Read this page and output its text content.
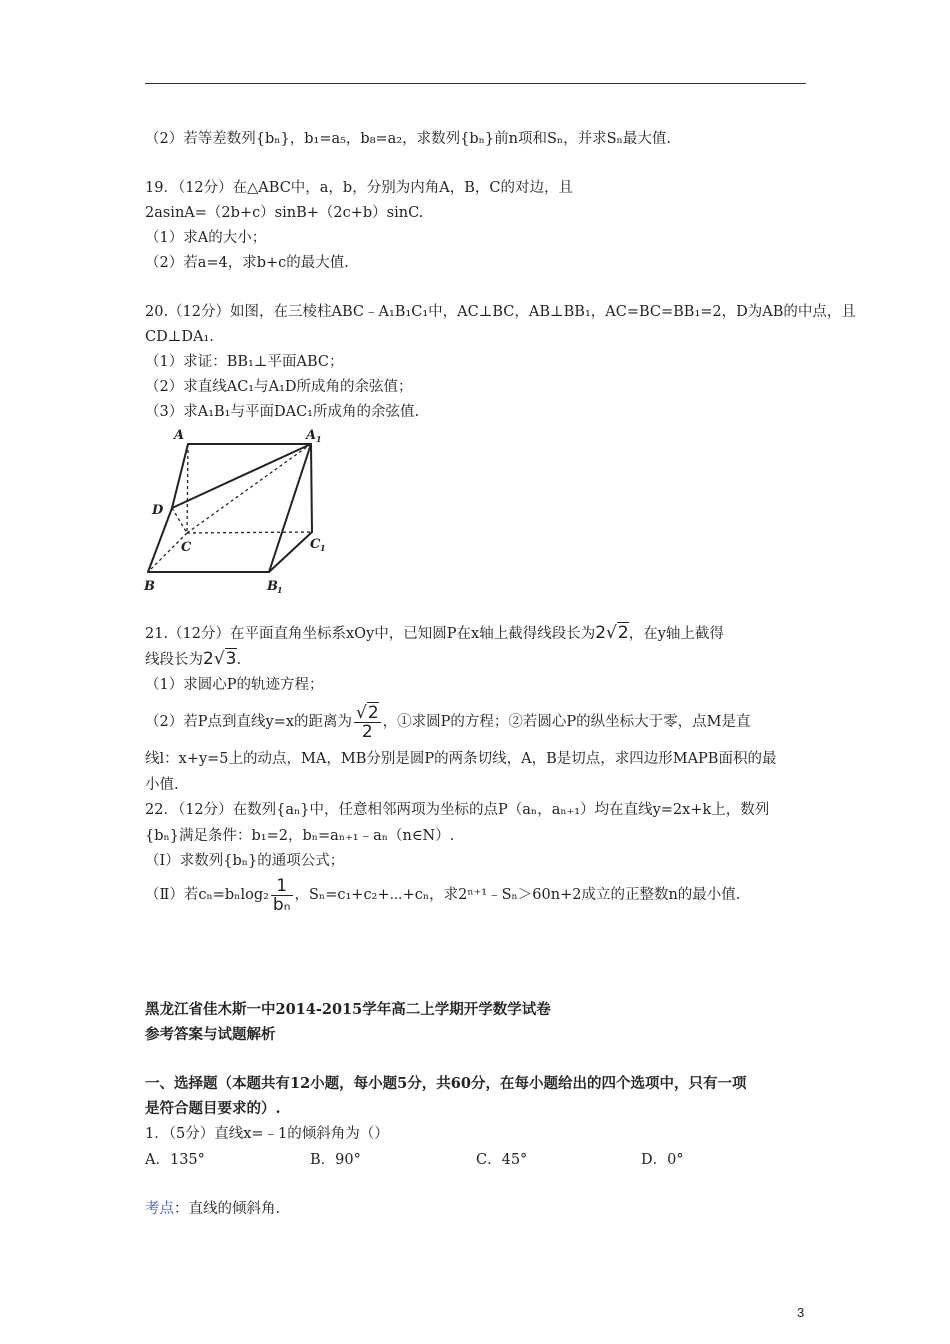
（2）若等差数列{bₙ}，b₁=a₅，b₈=a₂，求数列{bₙ}前n项和Sₙ，并求Sₙ最大值.
19．（12分）在△ABC中，a，b，分别为内角A，B，C的对边，且
2asinA=（2b+c）sinB+（2c+b）sinC.
（1）求A的大小；
（2）若a=4，求b+c的最大值.
20.（12分）如图，在三棱柱ABC﹣A₁B₁C₁中，AC⊥BC，AB⊥BB₁，AC=BC=BB₁=2，D为AB的中点，且
CD⊥DA₁.
（1）求证：BB₁⊥平面ABC；
（2）求直线AC₁与A₁D所成角的余弦值；
（3）求A₁B₁与平面DAC₁所成角的余弦值.
A	A 1
D
C	C 1
B	B 1
21.（12分）在平面直角坐标系xOy中，已知圆P在x轴上截得线段长为2√2，在y轴上截得
线段长为2√3.
（1）求圆心P的轨迹方程；
（2）若P点到直线y=x的距离为 $\frac{√2}{2}$ ，①求圆P的方程；②若圆心P的纵坐标大于零，点M是直
线l：x+y=5上的动点，MA，MB分别是圆P的两条切线，A，B是切点，求四边形MAPB面积的最
小值.
22．（12分）在数列{aₙ}中，任意相邻两项为坐标的点P（aₙ，aₙ₊₁）均在直线y=2x+k上，数列
{bₙ}满足条件：b₁=2，bₙ=aₙ₊₁﹣aₙ（n∈N）.
（Ⅰ）求数列{bₙ}的通项公式；
（Ⅱ）若$c_n=b_n\log_2 \frac{1}{\text{bₙ}}$ ，Sₙ=c₁+c₂+⋯+cₙ，求2ⁿ⁺¹﹣Sₙ＞60n+2成立的正整数n的最小值.
黑龙江省佳木斯一中2014-2015学年高二上学期开学数学试卷
参考答案与试题解析
一、选择题（本题共有12小题，每小题5分，共60分，在每小题给出的四个选项中，只有一项
是符合题目要求的）.
1．（5分）直线x=﹣1的倾斜角为（）
A．135°	B．90°	C．45°	D．0°
考点：直线的倾斜角.
3
